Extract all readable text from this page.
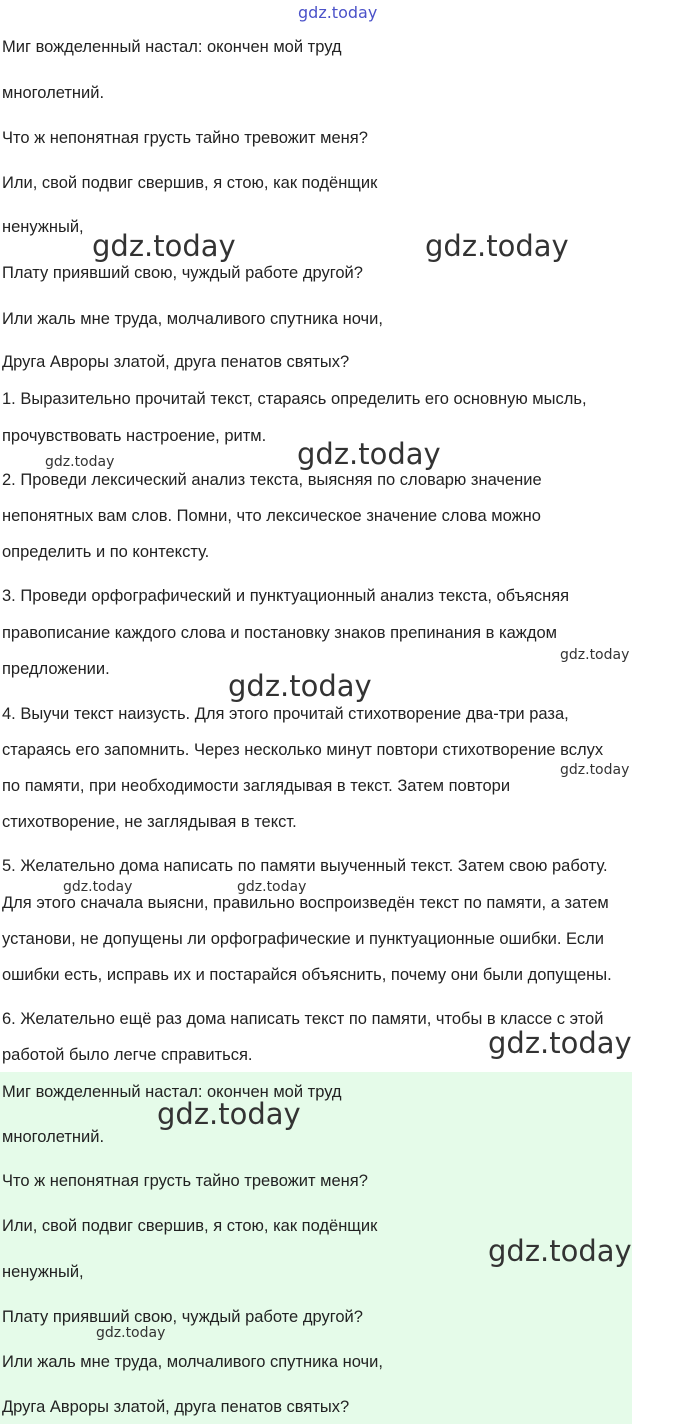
Миг вожделенный настал: окончен мой труд
многолетний.
Что ж непонятная грусть тайно тревожит меня?
Или, свой подвиг свершив, я стою, как подёнщик
ненужный,
Плату приявший свою, чуждый работе другой?
Или жаль мне труда, молчаливого спутника ночи,
Друга Авроры златой, друга пенатов святых?
1. Выразительно прочитай текст, стараясь определить его основную мысль,
прочувствовать настроение, ритм.
2. Проведи лексический анализ текста, выясняя по словарю значение
непонятных вам слов. Помни, что лексическое значение слова можно
определить и по контексту.
3. Проведи орфографический и пунктуационный анализ текста, объясняя
правописание каждого слова и постановку знаков препинания в каждом
предложении.
4. Выучи текст наизусть. Для этого прочитай стихотворение два-три раза,
стараясь его запомнить. Через несколько минут повтори стихотворение вслух
по памяти, при необходимости заглядывая в текст. Затем повтори
стихотворение, не заглядывая в текст.
5. Желательно дома написать по памяти выученный текст. Затем свою работу.
Для этого сначала выясни, правильно воспроизведён текст по памяти, а затем
установи, не допущены ли орфографические и пунктуационные ошибки. Если
ошибки есть, исправь их и постарайся объяснить, почему они были допущены.
6. Желательно ещё раз дома написать текст по памяти, чтобы в классе с этой
работой было легче справиться.
Миг вожделенный настал: окончен мой труд
многолетний.
Что ж непонятная грусть тайно тревожит меня?
Или, свой подвиг свершив, я стою, как подёнщик
ненужный,
Плату приявший свою, чуждый работе другой?
Или жаль мне труда, молчаливого спутника ночи,
Друга Авроры златой, друга пенатов святых?
gdz.today
gdz.today	gdz.today
gdz.today
gdz.today
gdz.today
gdz.today
gdz.today
gdz.today	gdz.today
gdz.today
gdz.today
gdz.today
gdz.today
